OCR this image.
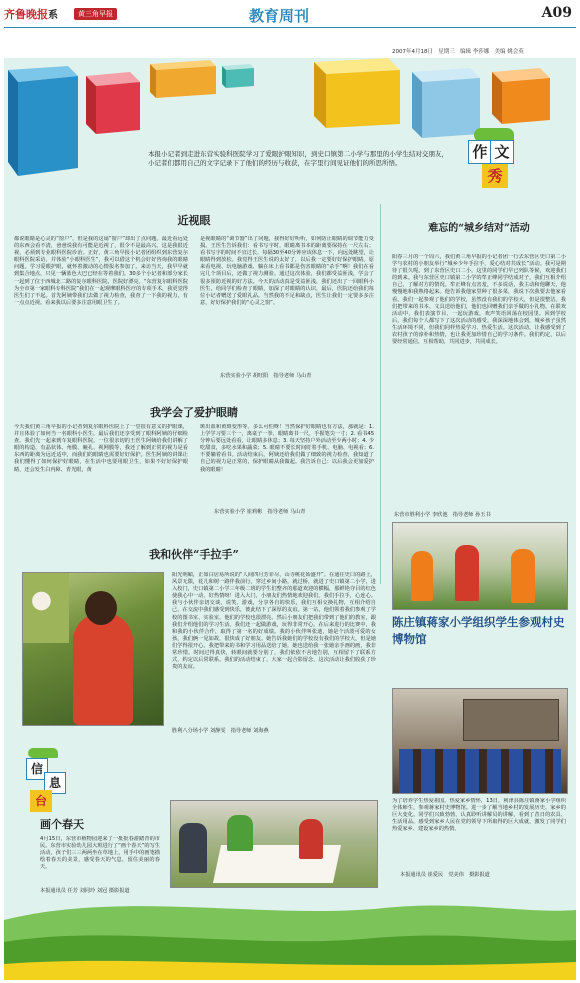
齐鲁晚报系	黄三角早报	教育周刊	A09
2007年4月18日 星期三 编辑 李莎娜 美编 姚会英
本报小记者到走进东营实验科医院学习了爱眼护眼知识，到史口镇第二小学与那里的小学生结对交朋友，小记者们都用自己的文字记录下了他们的经历与收获，在字里行间见证他们的所思所悟。
作 文
秀
近视眼
都说眼睛是心灵的“窗户”，但是我的这扇“窗户”却出了点问题。最近看远处的东西会看不清，爸爸说我有可能是近视了，很令不是最高兴。这是我很近视，必须到专业眼科医院诊治。正好，黄三角早报小记者团组织到东营复尔眼科医院采访，并体验“小眼科医生”，我可以借这个机会好好咨询我的眼睛问题，学习爱眼护眼，就怀着激动的心情报名参加了。来访当天，我早早就到集合地点，只见一辆蓝色大巴已经在等着我们。30多个小记者和部分家长一起到了位于西城北二路的复尔眼科医院，医院好漂亮。“东营复尔眼科医院为全市第一家眼科专科医院”我们在一起观摩眼科医疗的专项手术，我更觉得医生们了不起。首先阿姨带我们去做了视力检查，我查了一下我的视力，有一点点近视。看来我以后要多注意用眼卫生了。
是视眼睛的“调节器”出了问题，我得好好听听，如何防止眼睛的调节能力受损。王医生告诉我们：看书写字时，眼睛离书本的距离要保持在一尺左右；看书写字的时间不宜过长，每隔30至40分钟应该休息一下，向远处眺望，让眼睛得到放松。我觉得王医生说的太好了，以后我一定要好好保护眼睛。原来看电视、玩电脑游戏、躺在床上看书都是伤害眼睛的“杀手”啊！我们在看完几个项目后，还做了视力测验。通过这次体验，我们都受益匪浅，学会了很多预防近视的好方法。今天的活动真是受益匪浅，我们还出了一回眼科小医生，给同学们检查了眼睛，加深了对眼睛的认识，最后，医院还给我们每位小记者赠送了爱眼礼品。当然我的不足和缺点，医生让我们一定要多多注意，好好保护我们的“心灵之窗”。
东营实验小学 胡旺阳　指导老师 马山青
我学会了爱护眼睛
今天我们黄三角早报的小记者到复尔眼科医院上了一堂很有意义的护眼课，并且体验了如何当一名眼科小医生，最后我们还享受到了眼科阿姨的仔细检查。我们先一起来到车复眼科医院，一位很亲切的王医生阿姨给我们讲解了眼的构造，有晶状体、角膜、瞳孔、视网膜等，我还了解到正常的视力是看东西的距离为远近适中，而我们的眼睛也需要好好保护。医生阿姨的讲课让我们懂得了如何保护好眼睛，在生活中也要用眼卫生，如果不好好保护眼睛，还会发生白内障、青光眼，黄
斑出血和黄斑变形等。多么可怕呀！当然保护好眼睛也有方法，那就是：1. 上学学习要三个一，离桌子一拳，眼睛离书一尺，手握笔尖一寸；2. 看书45分钟后要远处看看，让眼睛多休息；3. 每天坚持户外活动至少两小时；4. 少吃甜食，多吃水果和蔬菜；5. 眼睛不要长时间盯着手机、电脑、电视看；6. 不要躺着看书。活动结束后，阿姨还给我们做了细致的视力检查，我知道了自己的视力是正常的，保护眼睛从我做起。我告诉自己：以后我会更加爱护我的眼睛！
东营实验小学 崔莉彬　指导老师 马山青
我和伙伴“手拉手”
阳光明媚，正如白居易所说的“人间四月芳菲尽，山寺桃花始盛开”。在通往史口的路上，风景无限，花儿和树一路伴我前行，穿过乡间小路，就过桥，就进了史口镇第二小学，进入校门，史口镇第二小学三年级二班的学生们整齐的那道欢迎的横幅，那鲜艳夺目的红色使我心中一动，好热情呀！进入大门，小朋友们热情地欢迎我们。我们手拉手，心连心。我与小伙伴亲切交谈，说笑、游戏，分享各自的快乐，我们互相交换礼物，互相介绍自己，在交流中我们感受到快乐，彼此结下了深厚的友谊。第一站，他们领着我们参观了学校的图书室、实验室，他们的学校也很漂亮。然后小朋友们把我们带到了他们的教室，跟我们介绍他们的学习生活。我们还一起做游戏，玩得非常开心。在后来进行的比赛中，我和我的小伙伴合作，取得了第一名的好成绩。我的小伙伴叫张迪，她是个活泼可爱的女孩，我们俩一见如故，很快成了好朋友。她告诉我她们的学校没有我们的学校大，但是她们学得很开心。我把带来的书和学习用品送给了她，她也送给我一张她亲手画的画，我非常珍惜。时间过得真快，转眼间就要分别了，我们依依不舍地告别，互相留下了联系方式，约定以后常联系。我们的活动结束了，大家一起合影留念，这次活动让我们收获了珍贵的友谊。
胜利八分场小学 刘静雯　指导老师 刘海燕
难忘的“城乡结对”活动
阳春三月的一个周六，我们黄三角早报的小记者团一行去东营区史口第二小学与农村的小朋友举行“城乡少年手拉手，爱心结对共成长”活动。我可是期待了很久呢。到了东营区史口二小，这里的同学们早已列队等候，欢迎我们的到来。我与东营区史口镇第二小学的牟正峰同学结成对子，我们互相介绍自己，了解对方的情况。牟正峰有点害羞，不多说话，我主动和他聊天，他慢慢地和我熟络起来。他告诉我他家里种了很多菜，我说下次我要去他家看看。我们一起参观了他们的学校，虽然没有我们的学校大，但是很整洁。我们把带来的书本、文具送给他们，他们也回赠我们亲手做的小礼物。在联欢活动中，我们表演节目、一起玩游戏，欢声笑语回荡在校园里。回到学校后，我们每个人都写下了这次活动的感受。我深深地体会到，城乡孩子虽然生活环境不同，但我们同样热爱学习、热爱生活。这次活动，让我感受到了农村孩子的淳朴和热情，也让我更加珍惜自己的学习条件。我们约定，以后要经常通信，互相帮助，共同进步，共同成长。
东营市胜利小学 李欣池　指导老师 孙玉书
陈庄镇蒋家小学组织学生参观村史博物馆
为了培养学生热爱祖国，热爱家乡情怀，13日，利津县陈庄镇蒋家小学组织全体师生，参观蒋家村史博物馆。进一步了解当地乡村的发展历史、家乡的巨大变化。同学们兴致勃勃，认真聆听讲解员的讲解，看到了昔日的农具、生活用品，感受到家乡人民在党的领导下所取得的巨大成就，激发了同学们热爱家乡、建设家乡的热情。
本报通讯员 崔爱民　党美伟　摄影报道
信
息
台
画个春天
4月15日，东营市植物园迎来了一批批春游踏青的市民。东营市实验幼儿园大班进行了“画个春天”的写生活动，孩子们三三两两坐在草地上，用手中的画笔描绘着春天的美景，感受春天的气息，留住美丽的春天。
本报通讯员 任芳 刘同玲 刘冠 摄影报道
